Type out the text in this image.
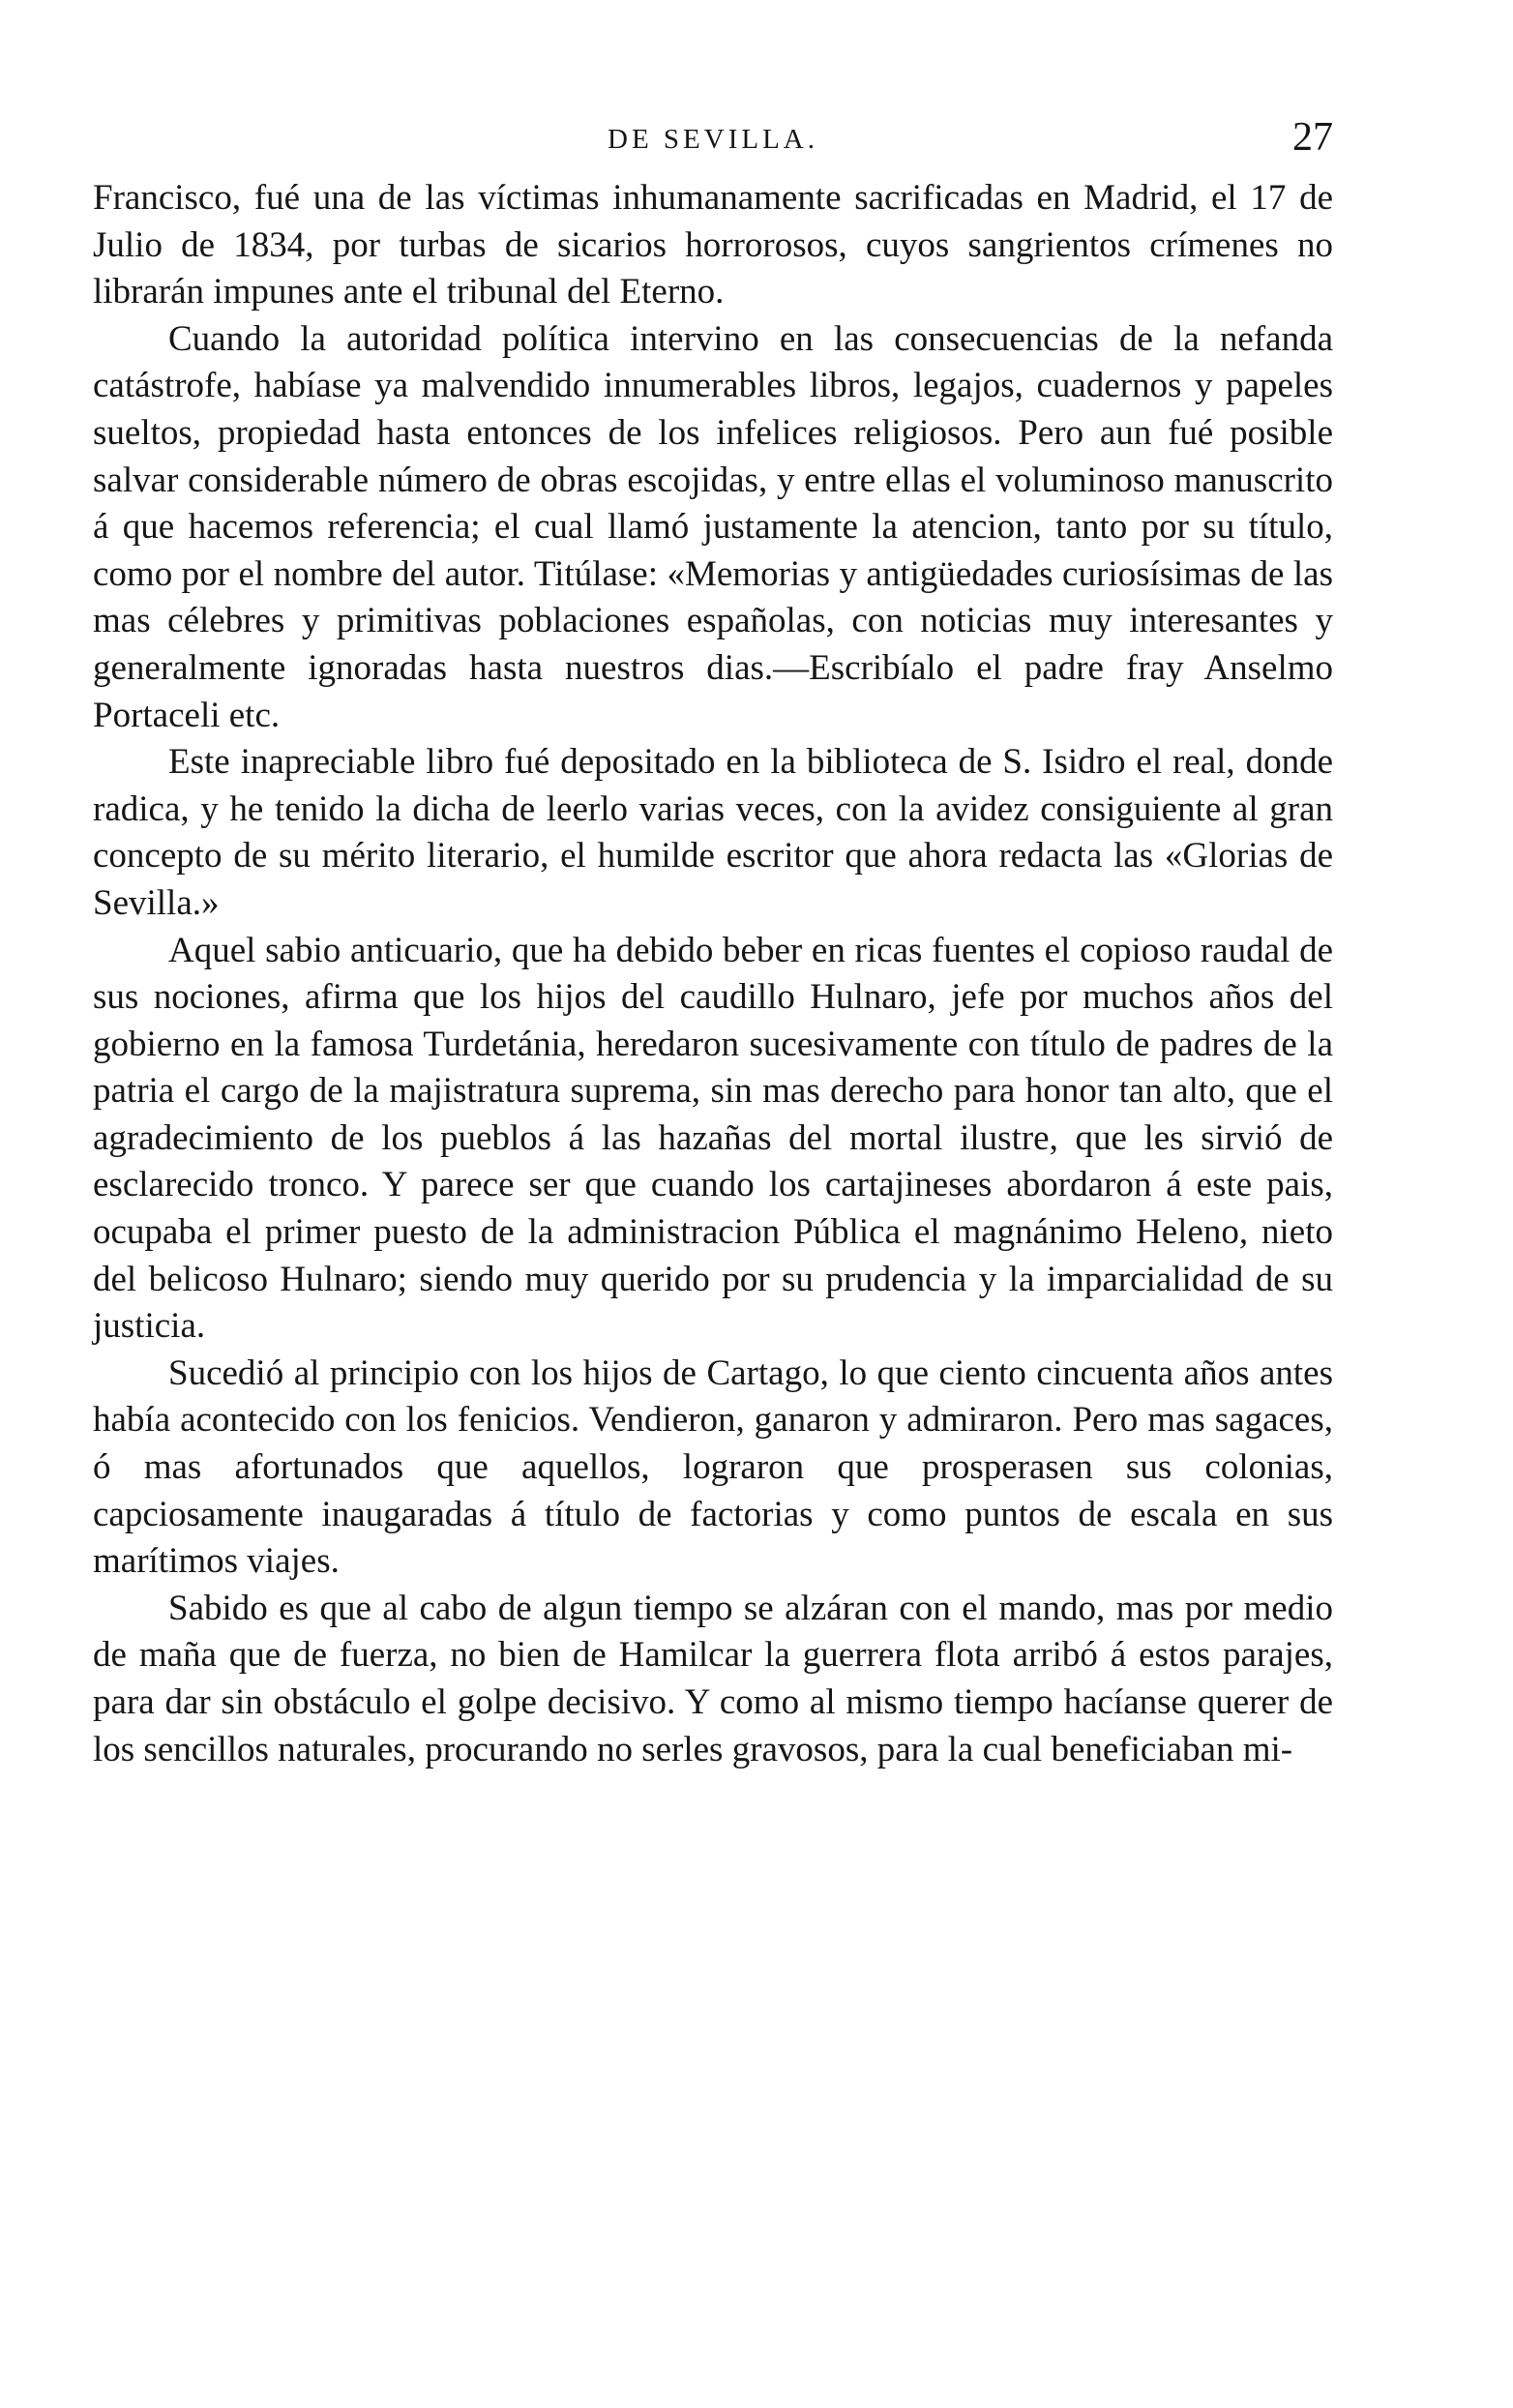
DE SEVILLA.	27

Francisco, fué una de las víctimas inhumanamente sacrificadas en Madrid, el 17 de Julio de 1834, por turbas de sicarios horrorosos, cuyos sangrientos crímenes no librarán impunes ante el tribunal del Eterno.

Cuando la autoridad política intervino en las consecuencias de la nefanda catástrofe, habíase ya malvendido innumerables libros, legajos, cuadernos y papeles sueltos, propiedad hasta entonces de los infelices religiosos. Pero aun fué posible salvar considerable número de obras escojidas, y entre ellas el voluminoso manuscrito á que hacemos referencia; el cual llamó justamente la atencion, tanto por su título, como por el nombre del autor. Titúlase: «Memorias y antigüedades curiosísimas de las mas célebres y primitivas poblaciones españolas, con noticias muy interesantes y generalmente ignoradas hasta nuestros dias.—Escribíalo el padre fray Anselmo Portaceli etc.

Este inapreciable libro fué depositado en la biblioteca de S. Isidro el real, donde radica, y he tenido la dicha de leerlo varias veces, con la avidez consiguiente al gran concepto de su mérito literario, el humilde escritor que ahora redacta las «Glorias de Sevilla.»

Aquel sabio anticuario, que ha debido beber en ricas fuentes el copioso raudal de sus nociones, afirma que los hijos del caudillo Hulnaro, jefe por muchos años del gobierno en la famosa Turdetánia, heredaron sucesivamente con título de padres de la patria el cargo de la majistratura suprema, sin mas derecho para honor tan alto, que el agradecimiento de los pueblos á las hazañas del mortal ilustre, que les sirvió de esclarecido tronco. Y parece ser que cuando los cartajineses abordaron á este pais, ocupaba el primer puesto de la administracion Pública el magnánimo Heleno, nieto del belicoso Hulnaro; siendo muy querido por su prudencia y la imparcialidad de su justicia.

Sucedió al principio con los hijos de Cartago, lo que ciento cincuenta años antes había acontecido con los fenicios. Vendieron, ganaron y admiraron. Pero mas sagaces, ó mas afortunados que aquellos, lograron que prosperasen sus colonias, capciosamente inaugaradas á título de factorias y como puntos de escala en sus marítimos viajes.

Sabido es que al cabo de algun tiempo se alzáran con el mando, mas por medio de maña que de fuerza, no bien de Hamilcar la guerrera flota arribó á estos parajes, para dar sin obstáculo el golpe decisivo. Y como al mismo tiempo hacíanse querer de los sencillos naturales, procurando no serles gravosos, para la cual beneficiaban mi-
